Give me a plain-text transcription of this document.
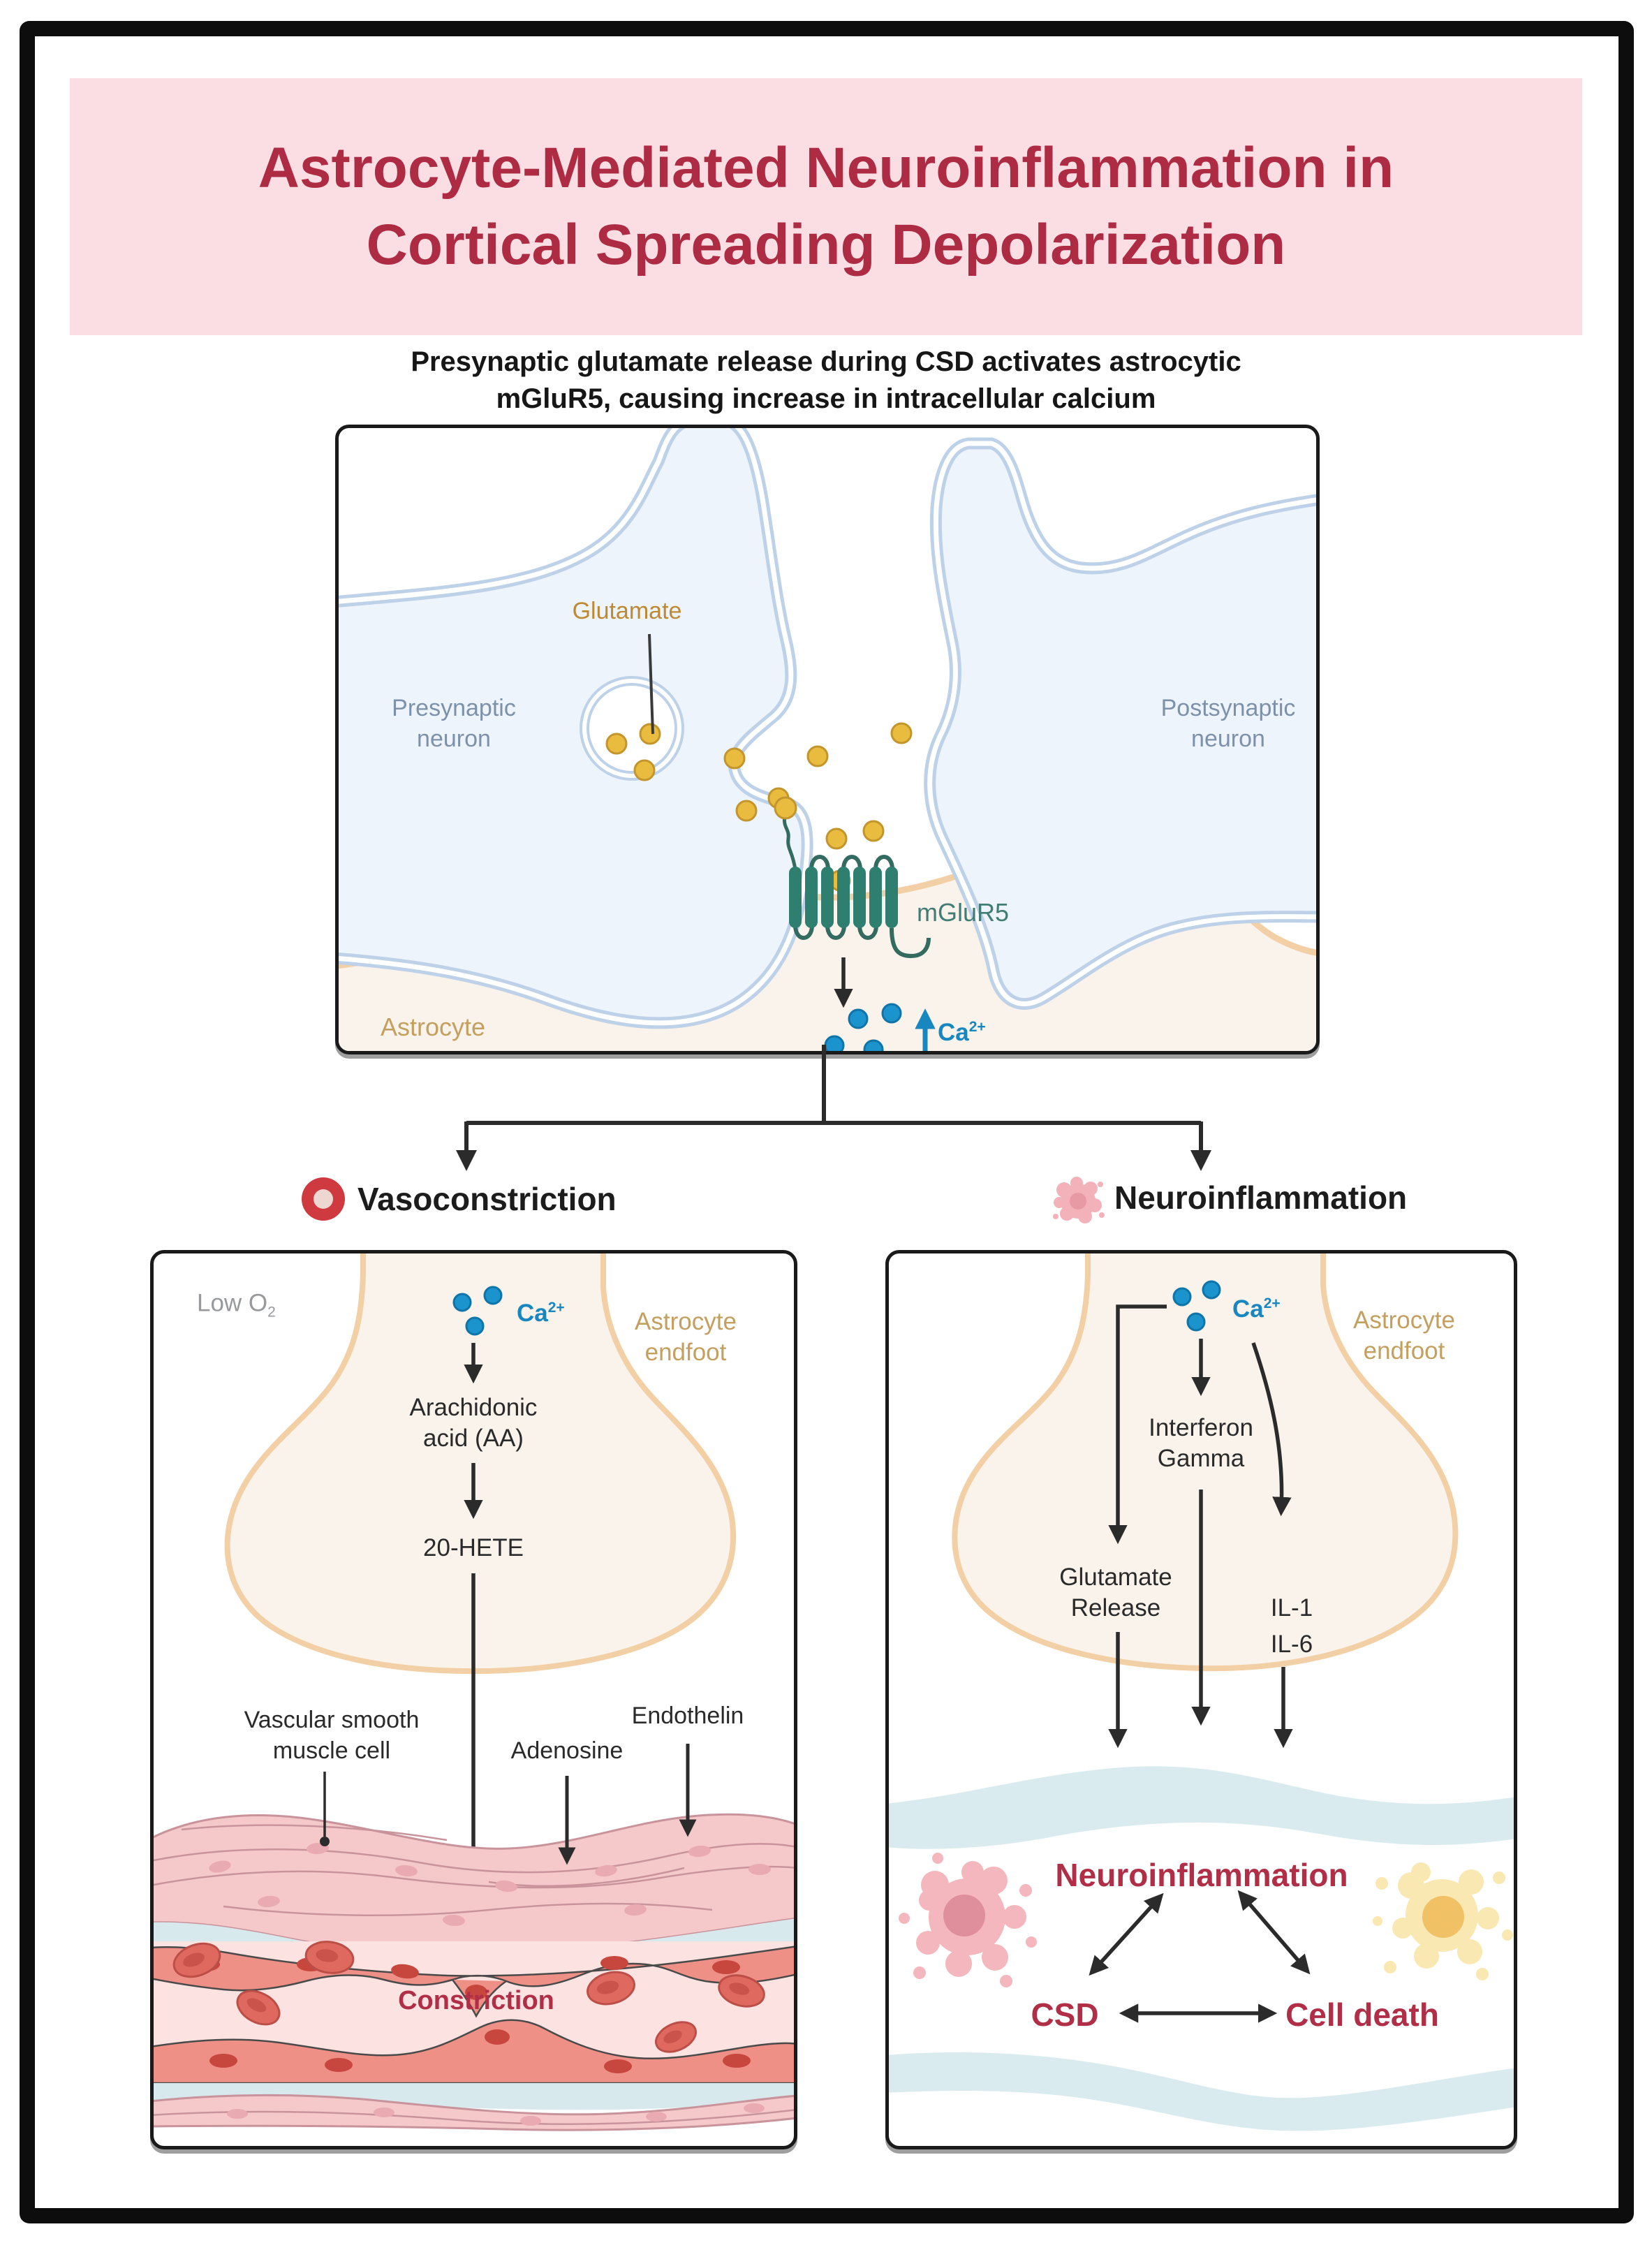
Astrocyte-Mediated Neuroinflammation in
Cortical Spreading Depolarization
Presynaptic glutamate release during CSD activates astrocytic
mGluR5, causing increase in intracellular calcium
Presynaptic
neuron
Postsynaptic
neuron
Glutamate
mGluR5
Astrocyte	$Ca^{2+}$
Vasoconstriction	Neuroinflammation
Low $O_2$	$Ca^{2+}$
Astrocyte
endfoot
Arachidonic
acid (AA)
20-HETE
Vascular smooth
muscle cell	Adenosine
Endothelin
Constriction
$Ca^{2+}$
Astrocyte
endfoot
Interferon
Gamma
Glutamate
Release	IL-1
IL-6
Neuroinflammation
CSD	Cell death
